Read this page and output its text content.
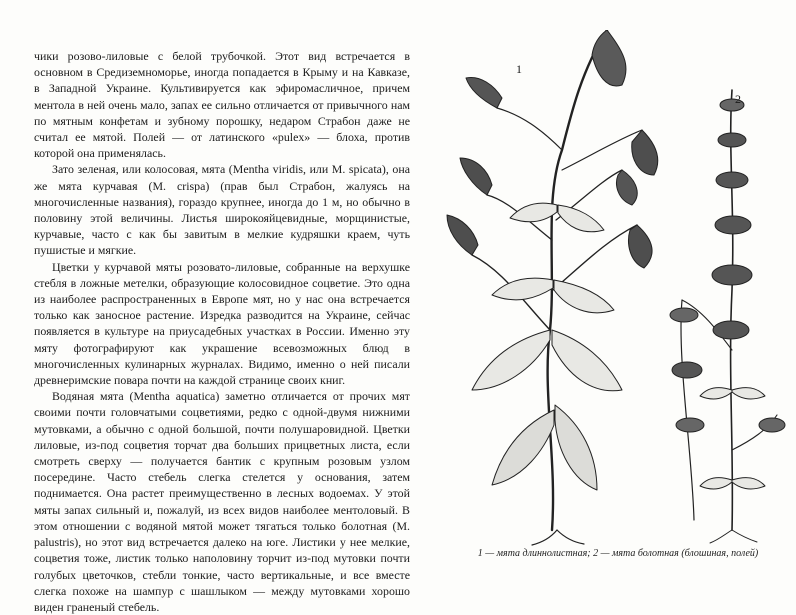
чики розово-лиловые с белой трубочкой. Этот вид встречается в основном в Средиземноморье, иногда попадается в Крыму и на Кавказе, в Западной Украине. Культивируется как эфиромасличное, причем ментола в ней очень мало, запах ее сильно отличается от привычного нам по мятным конфетам и зубному порошку, недаром Страбон даже не считал ее мятой. Полей — от латинского «pulex» — блоха, против которой она применялась.

Зато зеленая, или колосовая, мята (Mentha viridis, или M. spicata), она же мята курчавая (M. crispa) (прав был Страбон, жалуясь на многочисленные названия), гораздо крупнее, иногда до 1 м, но обычно в половину этой величины. Листья широкояйцевидные, морщинистые, курчавые, часто с как бы завитым в мелкие кудряшки краем, чуть пушистые и мягкие.

Цветки у курчавой мяты розовато-лиловые, собранные на верхушке стебля в ложные метелки, образующие колосовидное соцветие. Это одна из наиболее распространенных в Европе мят, но у нас она встречается только как заносное растение. Изредка разводится на Украине, сейчас появляется в культуре на приусадебных участках в России. Именно эту мяту фотографируют как украшение всевозможных блюд в многочисленных кулинарных журналах. Видимо, именно о ней писали древнеримские повара почти на каждой странице своих книг.

Водяная мята (Mentha aquatica) заметно отличается от прочих мят своими почти головчатыми соцветиями, редко с одной-двумя нижними мутовками, а обычно с одной большой, почти полушаровидной. Цветки лиловые, из-под соцветия торчат два больших прицветных листа, если смотреть сверху — получается бантик с крупным розовым узлом посередине. Часто стебель слегка стелется у основания, затем поднимается. Она растет преимущественно в лесных водоемах. У этой мяты запах сильный и, пожалуй, из всех видов наиболее ментоловый. В этом отношении с водяной мятой может тягаться только болотная (M. palustris), но этот вид встречается далеко на юге. Листики у нее мелкие, соцветия тоже, листик только наполовину торчит из-под мутовки почти голубых цветочков, стебли тонкие, часто вертикальные, и все вместе слегка похоже на шампур с шашлыком — между мутовками хорошо виден граненый стебель.

1
2
1 — мята длиннолистная; 2 — мята болотная (блошиная, полей)
